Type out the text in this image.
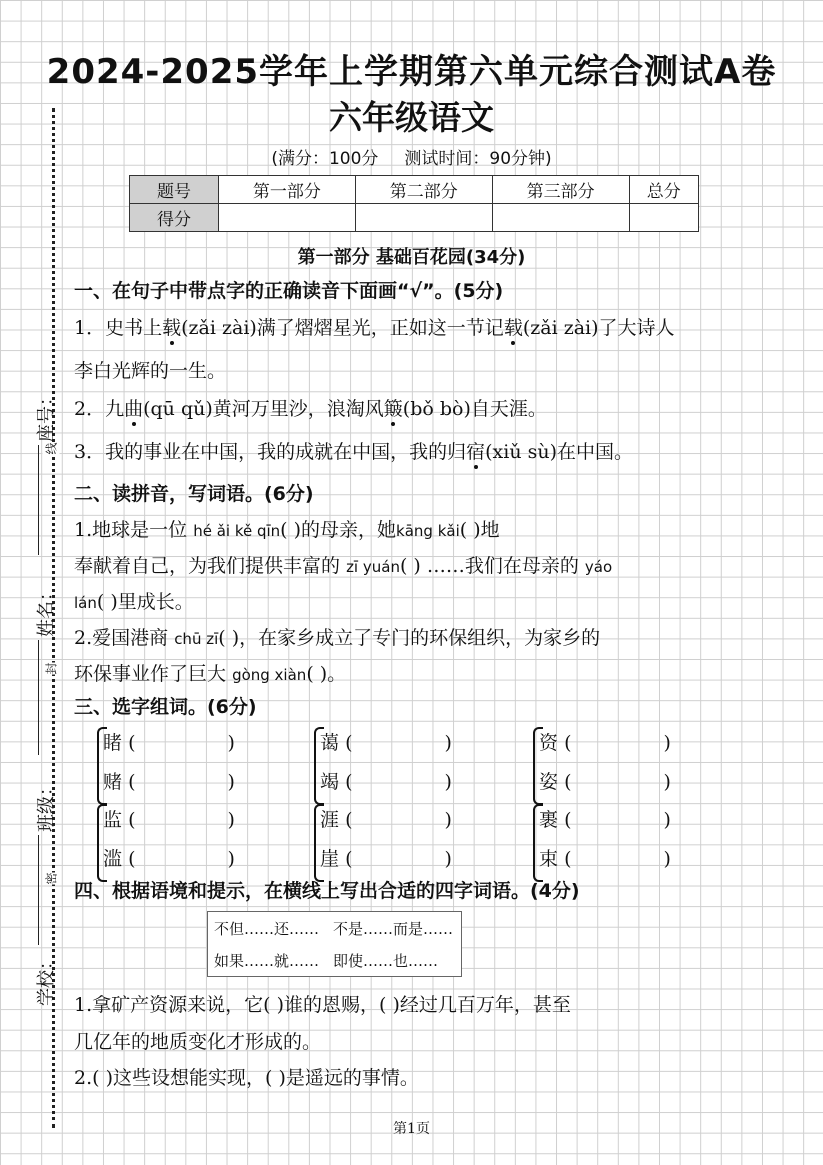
2024-2025学年上学期第六单元综合测试A卷
六年级语文
(满分：100分 测试时间：90分钟)
题号	第一部分	第二部分	第三部分	总分
得分				
第一部分 基础百花园(34分)
一、在句子中带点字的正确读音下面画“√”。(5分)
1．史书上载(zǎi zài)满了熠熠星光，正如这一节记载(zǎi zài)了大诗人
李白光辉的一生。
2．九曲(qū qǔ)黄河万里沙，浪淘风簸(bǒ bò)自天涯。
3．我的事业在中国，我的成就在中国，我的归宿(xiǔ sù)在中国。
二、读拼音，写词语。(6分)
1.地球是一位 hé ǎi kě qīn( )的母亲，她kāng kǎi( )地
奉献着自己，为我们提供丰富的 zī yuán( ) ……我们在母亲的 yáo
lán( )里成长。
2.爱国港商 chū zī( )，在家乡成立了专门的环保组织，为家乡的
环保事业作了巨大 gòng xiàn( )。
三、选字组词。(6分)
睹 (	)
赌 (	)
蔼 (	)
竭 (	)
资 (	)
姿 (	)
监 (	)
滥 (	)
涯 (	)
崖 (	)
裹 (	)
束 (	)
四、根据语境和提示，在横线上写出合适的四字词语。(4分)
不但……还……	不是……而是……
如果……就……	即使……也……
1.拿矿产资源来说，它( )谁的恩赐，( )经过几百万年，甚至
几亿年的地质变化才形成的。
2.( )这些设想能实现，( )是遥远的事情。
座号：
姓名：
班级：
学校：
线
封
密
第1页
